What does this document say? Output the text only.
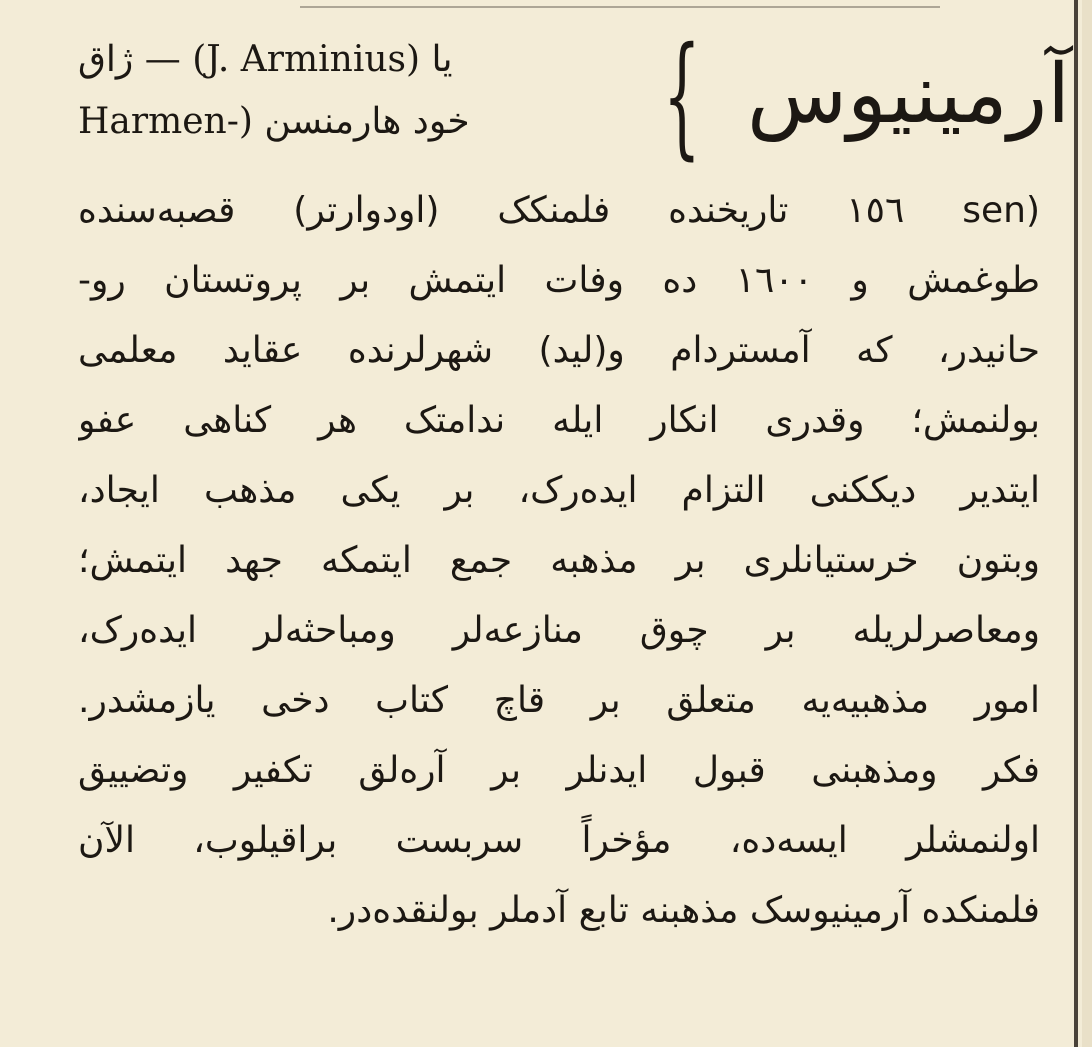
آرمینیوس
{
یا (J. Arminius) — ژاق
خود هارمنسن (-Harmen
(sen ١٥٦ تاریخنده فلمنکک (اودوارتر) قصبه‌سنده
طوغمش و ١٦٠٠ ده وفات ایتمش بر پروتستان رو-
حانیدر، که آمستردام و(لید) شهرلرنده عقاید معلمی
بولنمش؛ وقدری انکار ایله ندامتک هر کناهی عفو
ایتدیر دیککنی التزام ایده‌رک، بر یکی مذهب ایجاد،
وبتون خرستیانلری بر مذهبه جمع ایتمکه جهد ایتمش؛
ومعاصرلریله بر چوق منازعه‌لر ومباحثه‌لر ایده‌رک،
امور مذهبیه‌یه متعلق بر قاچ کتاب دخی یازمشدر.
فکر ومذهبنی قبول ایدنلر بر آره‌لق تکفیر وتضییق
اولنمشلر ایسه‌ده، مؤخراً سربست براقیلوب، الآن
فلمنکده آرمینیوسک مذهبنه تابع آدملر بولنقده‌در.
